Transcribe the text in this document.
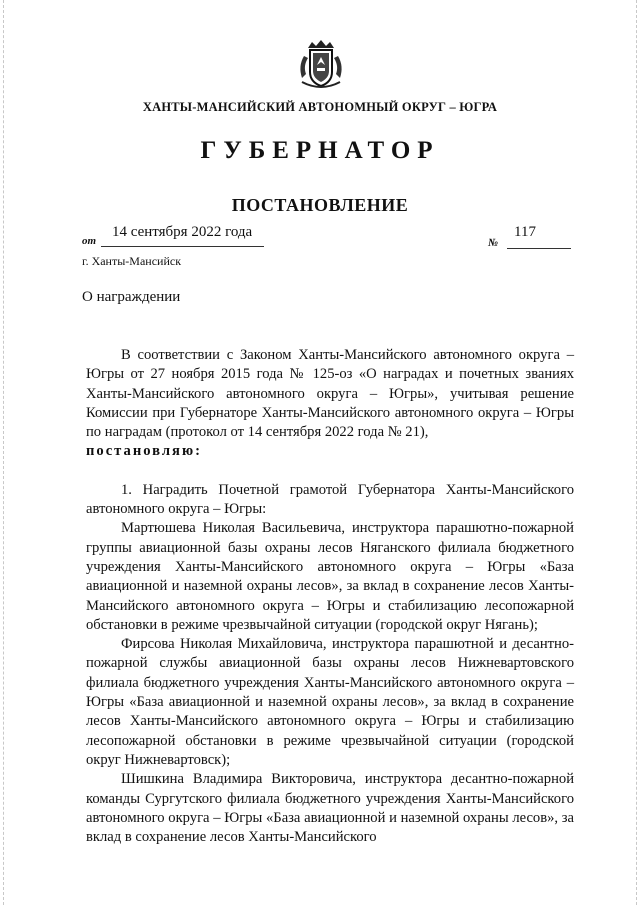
ХАНТЫ-МАНСИЙСКИЙ АВТОНОМНЫЙ ОКРУГ – ЮГРА
ГУБЕРНАТОР
ПОСТАНОВЛЕНИЕ
от
14 сентября 2022 года
№
117
г. Ханты-Мансийск
О награждении

В соответствии с Законом Ханты-Мансийского автономного округа – Югры от 27 ноября 2015 года № 125-оз «О наградах и почетных званиях Ханты-Мансийского автономного округа – Югры», учитывая решение Комиссии при Губернаторе Ханты-Мансийского автономного округа – Югры по наградам (протокол от 14 сентября 2022 года № 21),

постановляю:

1. Наградить Почетной грамотой Губернатора Ханты-Мансийского автономного округа – Югры:

Мартюшева Николая Васильевича, инструктора парашютно-пожарной группы авиационной базы охраны лесов Няганского филиала бюджетного учреждения Ханты-Мансийского автономного округа – Югры «База авиационной и наземной охраны лесов», за вклад в сохранение лесов Ханты-Мансийского автономного округа – Югры и стабилизацию лесопожарной обстановки в режиме чрезвычайной ситуации (городской округ Нягань);

Фирсова Николая Михайловича, инструктора парашютной и десантно-пожарной службы авиационной базы охраны лесов Нижневартовского филиала бюджетного учреждения Ханты-Мансийского автономного округа – Югры «База авиационной и наземной охраны лесов», за вклад в сохранение лесов Ханты-Мансийского автономного округа – Югры и стабилизацию лесопожарной обстановки в режиме чрезвычайной ситуации (городской округ Нижневартовск);

Шишкина Владимира Викторовича, инструктора десантно-пожарной команды Сургутского филиала бюджетного учреждения Ханты-Мансийского автономного округа – Югры «База авиационной и наземной охраны лесов», за вклад в сохранение лесов Ханты-Мансийского
